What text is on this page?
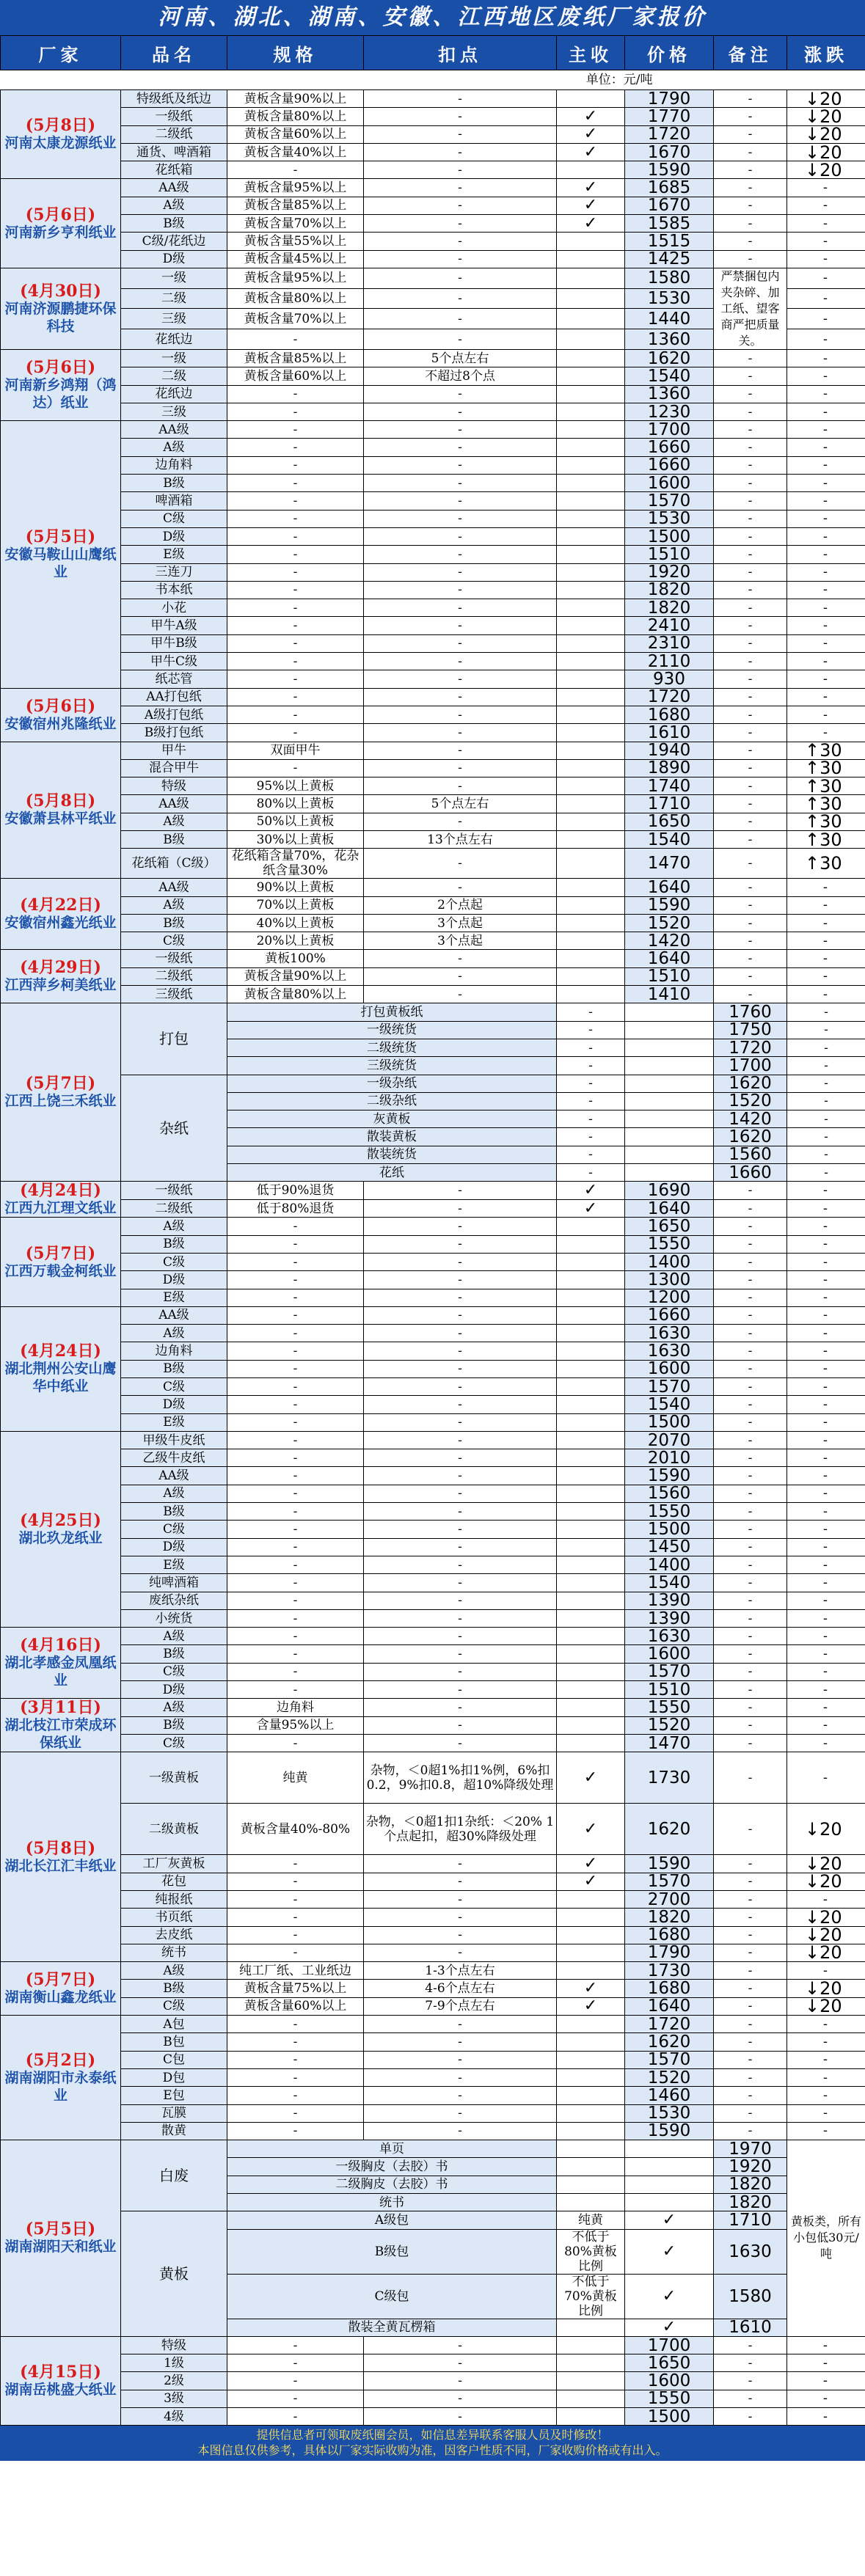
河南、湖北、湖南、安徽、江西地区废纸厂家报价
厂家	品名	规格	扣点	主收	价格	备注	涨跌	
单位：元/吨								

(5月8日)
河南太康龙源纸业	特级纸及纸边	黄板含量90%以上	-		1790	-	↓20	
	一级纸	黄板含量80%以上	-	✓	1770	-	↓20	
	二级纸	黄板含量60%以上	-	✓	1720	-	↓20	
	通货、啤酒箱	黄板含量40%以上	-	✓	1670	-	↓20	
	花纸箱	-	-		1590	-	↓20	

(5月6日)
河南新乡亨利纸业	AA级	黄板含量95%以上	-	✓	1685	-	-	
	A级	黄板含量85%以上	-	✓	1670	-	-	
	B级	黄板含量70%以上	-	✓	1585	-	-	
	C级/花纸边	黄板含量55%以上	-		1515	-	-	
	D级	黄板含量45%以上	-		1425	-	-	

(4月30日)
河南济源鹏捷环保科技	一级	黄板含量95%以上	-		1580	严禁捆包内夹杂碎、加工纸、望客商严把质量关。	-	
	二级	黄板含量80%以上	-		1530		-	
	三级	黄板含量70%以上	-		1440		-	
	花纸边	-	-		1360		-	

(5月6日)
河南新乡鸿翔（鸿达）纸业	一级	黄板含量85%以上	5个点左右		1620	-	-	
	二级	黄板含量60%以上	不超过8个点		1540	-	-	
	花纸边	-	-		1360	-	-	
	三级	-	-		1230	-	-	

(5月5日)
安徽马鞍山山鹰纸业	AA级	-	-		1700	-	-	
	A级	-	-		1660	-	-	
	边角料	-	-		1660	-	-	
	B级	-	-		1600	-	-	
	啤酒箱	-	-		1570	-	-	
	C级	-	-		1530	-	-	
	D级	-	-		1500	-	-	
	E级	-	-		1510	-	-	
	三连刀	-	-		1920	-	-	
	书本纸	-	-		1820	-	-	
	小花	-	-		1820	-	-	
	甲牛A级	-	-		2410	-	-	
	甲牛B级	-	-		2310	-	-	
	甲牛C级	-	-		2110	-	-	
	纸芯管	-	-		930	-	-	

(5月6日)
安徽宿州兆隆纸业	AA打包纸	-	-		1720	-	-	
	A级打包纸	-	-		1680	-	-	
	B级打包纸	-	-		1610	-	-	

(5月8日)
安徽萧县林平纸业	甲牛	双面甲牛	-		1940	-	↑30	
	混合甲牛	-	-		1890	-	↑30	
	特级	95%以上黄板	-		1740	-	↑30	
	AA级	80%以上黄板	5个点左右		1710	-	↑30	
	A级	50%以上黄板	-		1650	-	↑30	
	B级	30%以上黄板	13个点左右		1540	-	↑30	
	花纸箱（C级）	花纸箱含量70%，花杂纸含量30%	-		1470	-	↑30	

(4月22日)
安徽宿州鑫光纸业	AA级	90%以上黄板	-		1640	-	-	
	A级	70%以上黄板	2个点起		1590	-	-	
	B级	40%以上黄板	3个点起		1520	-	-	
	C级	20%以上黄板	3个点起		1420	-	-	

(4月29日)
江西萍乡柯美纸业	一级纸	黄板100%	-		1640	-	-	
	二级纸	黄板含量90%以上	-		1510	-	-	
	三级纸	黄板含量80%以上	-		1410	-	-	

(5月7日)
江西上饶三禾纸业	打包	打包黄板纸		-		1760	-	
		一级统货		-		1750	-	
		二级统货		-		1720	-	
		三级统货		-		1700	-	
	杂纸	一级杂纸		-		1620	-	
		二级杂纸		-		1520	-	
		灰黄板		-		1420	-	
		散装黄板		-		1620	-	
		散装统货		-		1560	-	
		花纸		-		1660	-	

(4月24日)
江西九江理文纸业	一级纸	低于90%退货	-	✓	1690	-	-	
	二级纸	低于80%退货	-	✓	1640	-	-	

(5月7日)
江西万载金柯纸业	A级	-	-		1650	-	-	
	B级	-	-		1550	-	-	
	C级	-	-		1400	-	-	
	D级	-	-		1300	-	-	
	E级	-	-		1200	-	-	

(4月24日)
湖北荆州公安山鹰华中纸业	AA级	-	-		1660	-	-	
	A级	-	-		1630	-	-	
	边角料	-	-		1630	-	-	
	B级	-	-		1600	-	-	
	C级	-	-		1570	-	-	
	D级	-	-		1540	-	-	
	E级	-	-		1500	-	-	

(4月25日)
湖北玖龙纸业	甲级牛皮纸	-	-		2070	-	-	
	乙级牛皮纸	-	-		2010	-	-	
	AA级	-	-		1590	-	-	
	A级	-	-		1560	-	-	
	B级	-	-		1550	-	-	
	C级	-	-		1500	-	-	
	D级	-	-		1450	-	-	
	E级	-	-		1400	-	-	
	纯啤酒箱	-	-		1540	-	-	
	废纸杂纸	-	-		1390	-	-	
	小统货	-	-		1390	-	-	

(4月16日)
湖北孝感金凤凰纸业	A级	-	-		1630	-	-	
	B级	-	-		1600	-	-	
	C级	-	-		1570	-	-	
	D级	-	-		1510	-	-	

(3月11日)
湖北枝江市荣成环保纸业	A级	边角料	-		1550	-	-	
	B级	含量95%以上	-		1520	-	-	
	C级	-	-		1470	-	-	

(5月8日)
湖北长江汇丰纸业	一级黄板	纯黄	杂物，＜0超1%扣1%例，6%扣0.2，9%扣0.8，超10%降级处理	✓	1730	-	-	
	二级黄板	黄板含量40%-80%	杂物，＜0超1扣1杂纸：＜20% 1个点起扣，超30%降级处理	✓	1620	-	↓20	
	工厂灰黄板	-	-	✓	1590	-	↓20	
	花包	-	-	✓	1570	-	↓20	
	纯报纸	-	-		2700	-	-	
	书页纸	-	-		1820	-	↓20	
	去皮纸	-	-		1680	-	↓20	
	统书	-	-		1790	-	↓20	

(5月7日)
湖南衡山鑫龙纸业	A级	纯工厂纸、工业纸边	1-3个点左右		1730	-	-	
	B级	黄板含量75%以上	4-6个点左右	✓	1680	-	↓20	
	C级	黄板含量60%以上	7-9个点左右	✓	1640	-	↓20	

(5月2日)
湖南湖阳市永泰纸业	A包	-	-		1720	-	-	
	B包	-	-		1620	-	-	
	C包	-	-		1570	-	-	
	D包	-	-		1520	-	-	
	E包	-	-		1460	-	-	
	瓦膜	-	-		1530	-	-	
	散黄	-	-		1590	-	-	

(5月5日)
湖南湖阳天和纸业	白废	单页				1970	黄板类，所有小包低30元/吨	
		一级胸皮（去胶）书				1920	
		二级胸皮（去胶）书				1820	
		统书				1820	
	黄板	A级包		纯黄	✓	1710	
		B级包		不低于80%黄板比例	✓	1630	
		C级包		不低于70%黄板比例	✓	1580	
		散装全黄瓦楞箱			✓	1610	

(4月15日)
湖南岳桃盛大纸业	特级	-	-		1700	-	-	
	1级	-	-		1650	-	-	
	2级	-	-		1600	-	-	
	3级	-	-		1550	-	-	
	4级	-	-		1500	-	-	
提供信息者可领取废纸圈会员，如信息差异联系客服人员及时修改！
本图信息仅供参考，具体以厂家实际收购为准，因客户性质不同，厂家收购价格或有出入。
